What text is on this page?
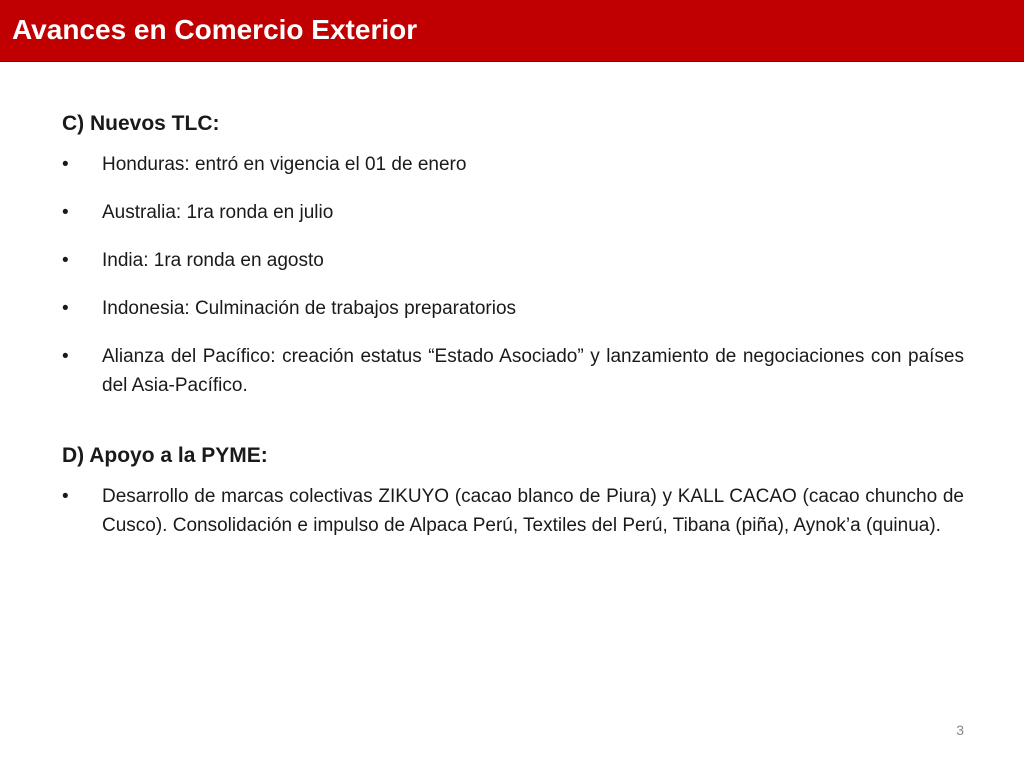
Avances en Comercio Exterior
C) Nuevos TLC:
• Honduras: entró en vigencia el 01 de enero
• Australia: 1ra ronda en julio
• India: 1ra ronda en agosto
• Indonesia: Culminación de trabajos preparatorios
• Alianza del Pacífico: creación estatus “Estado Asociado” y lanzamiento de negociaciones con países del Asia-Pacífico.
D) Apoyo a la PYME:
• Desarrollo de marcas colectivas ZIKUYO (cacao blanco de Piura) y KALL CACAO (cacao chuncho de Cusco). Consolidación e impulso de Alpaca Perú, Textiles del Perú, Tibana (piña), Aynok’a (quinua).
3
